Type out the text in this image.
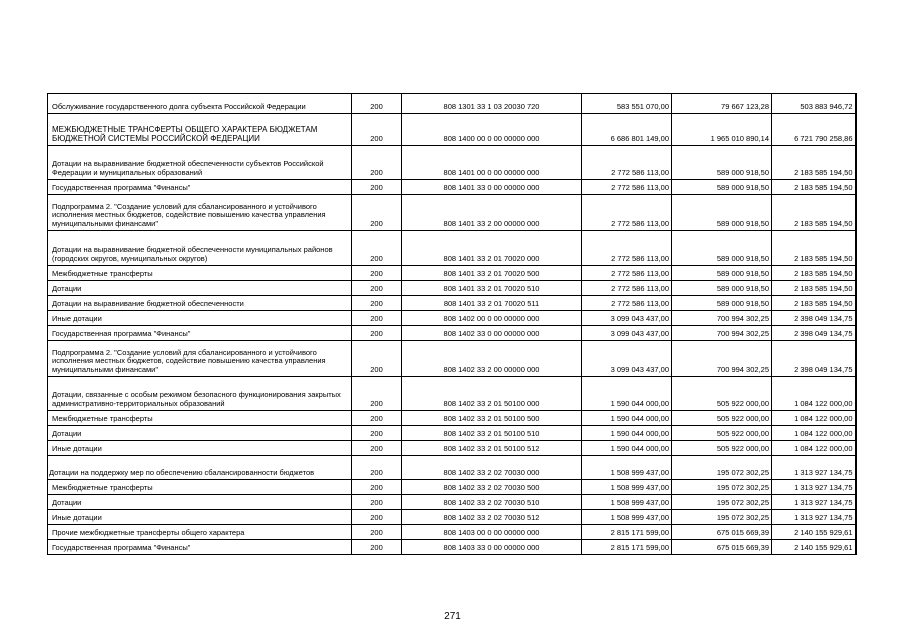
Обслуживание государственного долга субъекта Российской Федерации	200	808 1301 33 1 03 20030 720	583 551 070,00	79 667 123,28	503 883 946,72
МЕЖБЮДЖЕТНЫЕ ТРАНСФЕРТЫ ОБЩЕГО ХАРАКТЕРА БЮДЖЕТАМ БЮДЖЕТНОЙ СИСТЕМЫ РОССИЙСКОЙ ФЕДЕРАЦИИ	200	808 1400 00 0 00 00000 000	6 686 801 149,00	1 965 010 890,14	6 721 790 258,86
Дотации на выравнивание бюджетной обеспеченности субъектов Российской Федерации и муниципальных образований	200	808 1401 00 0 00 00000 000	2 772 586 113,00	589 000 918,50	2 183 585 194,50
Государственная программа "Финансы"	200	808 1401 33 0 00 00000 000	2 772 586 113,00	589 000 918,50	2 183 585 194,50
Подпрограмма 2. "Создание условий для сбалансированного и устойчивого исполнения местных бюджетов, содействие повышению качества управления муниципальными финансами"	200	808 1401 33 2 00 00000 000	2 772 586 113,00	589 000 918,50	2 183 585 194,50
Дотации на выравнивание бюджетной обеспеченности муниципальных районов (городских округов, муниципальных округов)	200	808 1401 33 2 01 70020 000	2 772 586 113,00	589 000 918,50	2 183 585 194,50
Межбюджетные трансферты	200	808 1401 33 2 01 70020 500	2 772 586 113,00	589 000 918,50	2 183 585 194,50
Дотации	200	808 1401 33 2 01 70020 510	2 772 586 113,00	589 000 918,50	2 183 585 194,50
Дотации на выравнивание бюджетной обеспеченности	200	808 1401 33 2 01 70020 511	2 772 586 113,00	589 000 918,50	2 183 585 194,50
Иные дотации	200	808 1402 00 0 00 00000 000	3 099 043 437,00	700 994 302,25	2 398 049 134,75
Государственная программа "Финансы"	200	808 1402 33 0 00 00000 000	3 099 043 437,00	700 994 302,25	2 398 049 134,75
Подпрограмма 2. "Создание условий для сбалансированного и устойчивого исполнения местных бюджетов, содействие повышению качества управления муниципальными финансами"	200	808 1402 33 2 00 00000 000	3 099 043 437,00	700 994 302,25	2 398 049 134,75
Дотации, связанные с особым режимом безопасного функционирования закрытых административно-территориальных образований	200	808 1402 33 2 01 50100 000	1 590 044 000,00	505 922 000,00	1 084 122 000,00
Межбюджетные трансферты	200	808 1402 33 2 01 50100 500	1 590 044 000,00	505 922 000,00	1 084 122 000,00
Дотации	200	808 1402 33 2 01 50100 510	1 590 044 000,00	505 922 000,00	1 084 122 000,00
Иные дотации	200	808 1402 33 2 01 50100 512	1 590 044 000,00	505 922 000,00	1 084 122 000,00
Дотации на поддержку мер по обеспечению сбалансированности бюджетов	200	808 1402 33 2 02 70030 000	1 508 999 437,00	195 072 302,25	1 313 927 134,75
Межбюджетные трансферты	200	808 1402 33 2 02 70030 500	1 508 999 437,00	195 072 302,25	1 313 927 134,75
Дотации	200	808 1402 33 2 02 70030 510	1 508 999 437,00	195 072 302,25	1 313 927 134,75
Иные дотации	200	808 1402 33 2 02 70030 512	1 508 999 437,00	195 072 302,25	1 313 927 134,75
Прочие межбюджетные трансферты общего характера	200	808 1403 00 0 00 00000 000	2 815 171 599,00	675 015 669,39	2 140 155 929,61
Государственная программа "Финансы"	200	808 1403 33 0 00 00000 000	2 815 171 599,00	675 015 669,39	2 140 155 929,61
271
